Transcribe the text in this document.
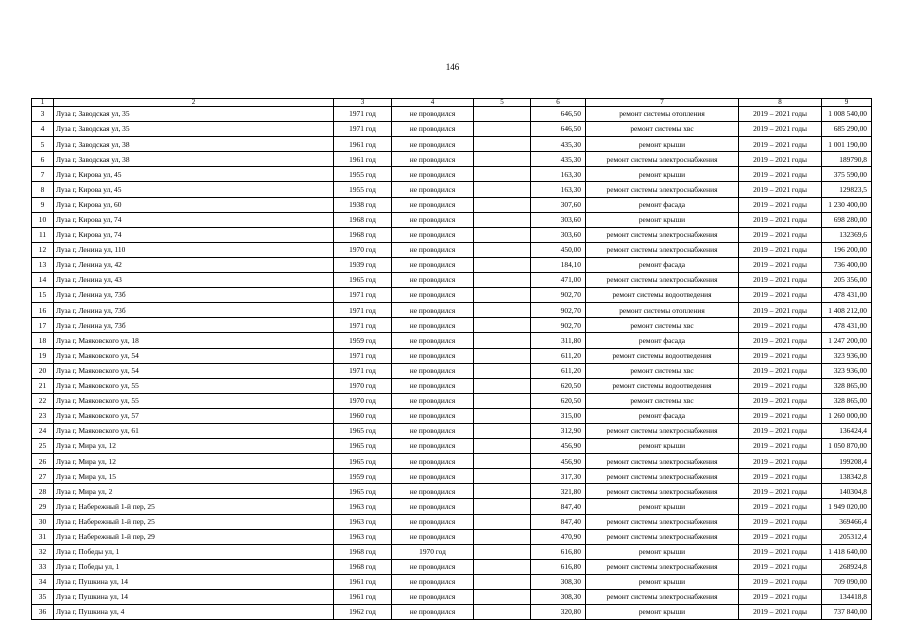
146
1	2	3	4	5	6	7	8	9
3	Луза г, Заводская ул, 35	1971 год	не проводился		646,50	ремонт системы отопления	2019 – 2021 годы	1 008 540,00
4	Луза г, Заводская ул, 35	1971 год	не проводился		646,50	ремонт системы хвс	2019 – 2021 годы	685 290,00
5	Луза г, Заводская ул, 38	1961 год	не проводился		435,30	ремонт крыши	2019 – 2021 годы	1 001 190,00
6	Луза г, Заводская ул, 38	1961 год	не проводился		435,30	ремонт системы электроснабжения	2019 – 2021 годы	189790,8
7	Луза г, Кирова ул, 45	1955 год	не проводился		163,30	ремонт крыши	2019 – 2021 годы	375 590,00
8	Луза г, Кирова ул, 45	1955 год	не проводился		163,30	ремонт системы электроснабжения	2019 – 2021 годы	129823,5
9	Луза г, Кирова ул, 60	1938 год	не проводился		307,60	ремонт фасада	2019 – 2021 годы	1 230 400,00
10	Луза г, Кирова ул, 74	1968 год	не проводился		303,60	ремонт крыши	2019 – 2021 годы	698 280,00
11	Луза г, Кирова ул, 74	1968 год	не проводился		303,60	ремонт системы электроснабжения	2019 – 2021 годы	132369,6
12	Луза г, Ленина ул, 110	1970 год	не проводился		450,00	ремонт системы электроснабжения	2019 – 2021 годы	196 200,00
13	Луза г, Ленина ул, 42	1939 год	не проводился		184,10	ремонт фасада	2019 – 2021 годы	736 400,00
14	Луза г, Ленина ул, 43	1965 год	не проводился		471,00	ремонт системы электроснабжения	2019 – 2021 годы	205 356,00
15	Луза г, Ленина ул, 73б	1971 год	не проводился		902,70	ремонт системы водоотведения	2019 – 2021 годы	478 431,00
16	Луза г, Ленина ул, 73б	1971 год	не проводился		902,70	ремонт системы отопления	2019 – 2021 годы	1 408 212,00
17	Луза г, Ленина ул, 73б	1971 год	не проводился		902,70	ремонт системы хвс	2019 – 2021 годы	478 431,00
18	Луза г, Маяковского ул, 18	1959 год	не проводился		311,80	ремонт фасада	2019 – 2021 годы	1 247 200,00
19	Луза г, Маяковского ул, 54	1971 год	не проводился		611,20	ремонт системы водоотведения	2019 – 2021 годы	323 936,00
20	Луза г, Маяковского ул, 54	1971 год	не проводился		611,20	ремонт системы хвс	2019 – 2021 годы	323 936,00
21	Луза г, Маяковского ул, 55	1970 год	не проводился		620,50	ремонт системы водоотведения	2019 – 2021 годы	328 865,00
22	Луза г, Маяковского ул, 55	1970 год	не проводился		620,50	ремонт системы хвс	2019 – 2021 годы	328 865,00
23	Луза г, Маяковского ул, 57	1960 год	не проводился		315,00	ремонт фасада	2019 – 2021 годы	1 260 000,00
24	Луза г, Маяковского ул, 61	1965 год	не проводился		312,90	ремонт системы электроснабжения	2019 – 2021 годы	136424,4
25	Луза г, Мира ул, 12	1965 год	не проводился		456,90	ремонт крыши	2019 – 2021 годы	1 050 870,00
26	Луза г, Мира ул, 12	1965 год	не проводился		456,90	ремонт системы электроснабжения	2019 – 2021 годы	199208,4
27	Луза г, Мира ул, 15	1959 год	не проводился		317,30	ремонт системы электроснабжения	2019 – 2021 годы	138342,8
28	Луза г, Мира ул, 2	1965 год	не проводился		321,80	ремонт системы электроснабжения	2019 – 2021 годы	140304,8
29	Луза г, Набережный 1-й пер, 25	1963 год	не проводился		847,40	ремонт крыши	2019 – 2021 годы	1 949 020,00
30	Луза г, Набережный 1-й пер, 25	1963 год	не проводился		847,40	ремонт системы электроснабжения	2019 – 2021 годы	369466,4
31	Луза г, Набережный 1-й пер, 29	1963 год	не проводился		470,90	ремонт системы электроснабжения	2019 – 2021 годы	205312,4
32	Луза г, Победы ул, 1	1968 год	1970 год		616,80	ремонт крыши	2019 – 2021 годы	1 418 640,00
33	Луза г, Победы ул, 1	1968 год	не проводился		616,80	ремонт системы электроснабжения	2019 – 2021 годы	268924,8
34	Луза г, Пушкина ул, 14	1961 год	не проводился		308,30	ремонт крыши	2019 – 2021 годы	709 090,00
35	Луза г, Пушкина ул, 14	1961 год	не проводился		308,30	ремонт системы электроснабжения	2019 – 2021 годы	134418,8
36	Луза г, Пушкина ул, 4	1962 год	не проводился		320,80	ремонт крыши	2019 – 2021 годы	737 840,00
